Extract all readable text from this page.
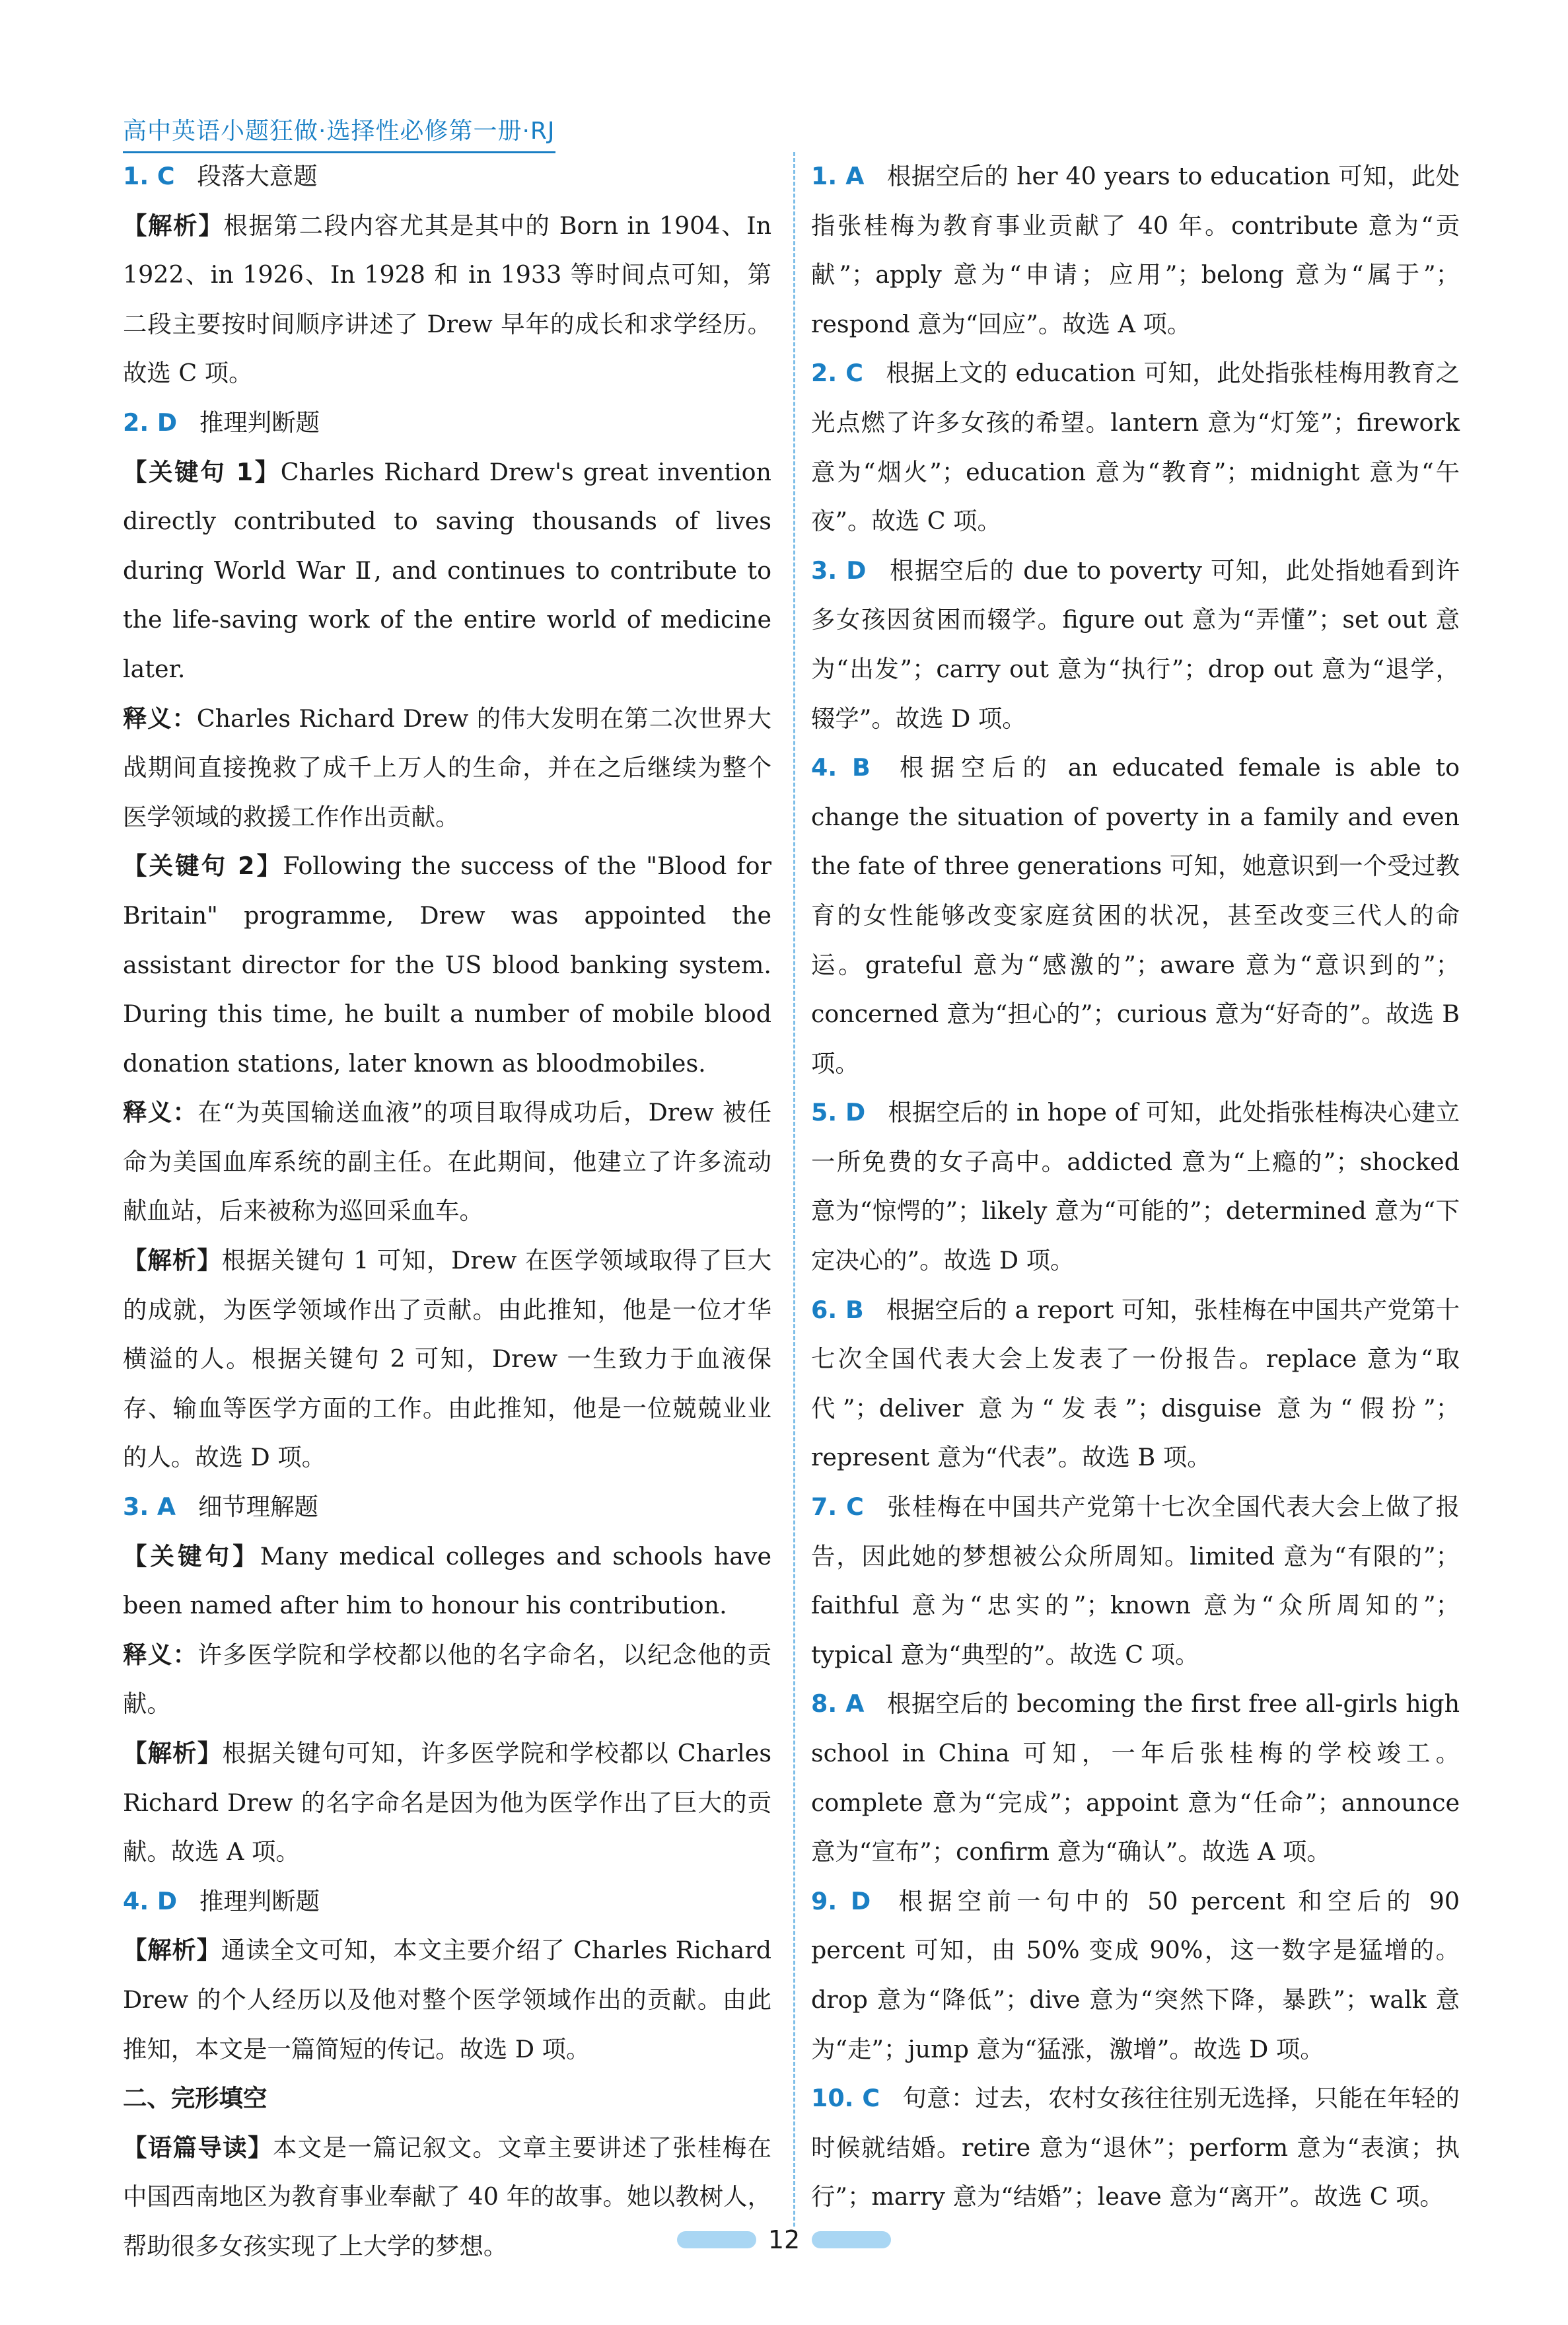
高中英语小题狂做·选择性必修第一册·RJ

1. C 段落大意题

【解析】根据第二段内容尤其是其中的 Born in 1904、In 1922、in 1926、In 1928 和 in 1933 等时间点可知，第二段主要按时间顺序讲述了 Drew 早年的成长和求学经历。故选 C 项。

2. D 推理判断题

【关键句 1】Charles Richard Drew's great invention directly contributed to saving thousands of lives during World War Ⅱ, and continues to contribute to the life-saving work of the entire world of medicine later.

释义：Charles Richard Drew 的伟大发明在第二次世界大战期间直接挽救了成千上万人的生命，并在之后继续为整个医学领域的救援工作作出贡献。

【关键句 2】Following the success of the "Blood for Britain" programme, Drew was appointed the assistant director for the US blood banking system. During this time, he built a number of mobile blood donation stations, later known as bloodmobiles.

释义：在“为英国输送血液”的项目取得成功后，Drew 被任命为美国血库系统的副主任。在此期间，他建立了许多流动献血站，后来被称为巡回采血车。

【解析】根据关键句 1 可知，Drew 在医学领域取得了巨大的成就，为医学领域作出了贡献。由此推知，他是一位才华横溢的人。根据关键句 2 可知，Drew 一生致力于血液保存、输血等医学方面的工作。由此推知，他是一位兢兢业业的人。故选 D 项。

3. A 细节理解题

【关键句】Many medical colleges and schools have been named after him to honour his contribution.

释义：许多医学院和学校都以他的名字命名，以纪念他的贡献。

【解析】根据关键句可知，许多医学院和学校都以 Charles Richard Drew 的名字命名是因为他为医学作出了巨大的贡献。故选 A 项。

4. D 推理判断题

【解析】通读全文可知，本文主要介绍了 Charles Richard Drew 的个人经历以及他对整个医学领域作出的贡献。由此推知，本文是一篇简短的传记。故选 D 项。

二、完形填空

【语篇导读】本文是一篇记叙文。文章主要讲述了张桂梅在中国西南地区为教育事业奉献了 40 年的故事。她以教树人，帮助很多女孩实现了上大学的梦想。

1. A 根据空后的 her 40 years to education 可知，此处指张桂梅为教育事业贡献了 40 年。contribute 意为“贡献”；apply 意为“申请；应用”；belong 意为“属于”；respond 意为“回应”。故选 A 项。

2. C 根据上文的 education 可知，此处指张桂梅用教育之光点燃了许多女孩的希望。lantern 意为“灯笼”；firework 意为“烟火”；education 意为“教育”；midnight 意为“午夜”。故选 C 项。

3. D 根据空后的 due to poverty 可知，此处指她看到许多女孩因贫困而辍学。figure out 意为“弄懂”；set out 意为“出发”；carry out 意为“执行”；drop out 意为“退学，辍学”。故选 D 项。

4. B 根据空后的 an educated female is able to change the situation of poverty in a family and even the fate of three generations 可知，她意识到一个受过教育的女性能够改变家庭贫困的状况，甚至改变三代人的命运。grateful 意为“感激的”；aware 意为“意识到的”；concerned 意为“担心的”；curious 意为“好奇的”。故选 B 项。

5. D 根据空后的 in hope of 可知，此处指张桂梅决心建立一所免费的女子高中。addicted 意为“上瘾的”；shocked 意为“惊愕的”；likely 意为“可能的”；determined 意为“下定决心的”。故选 D 项。

6. B 根据空后的 a report 可知，张桂梅在中国共产党第十七次全国代表大会上发表了一份报告。replace 意为“取代”；deliver 意为“发表”；disguise 意为“假扮”；represent 意为“代表”。故选 B 项。

7. C 张桂梅在中国共产党第十七次全国代表大会上做了报告，因此她的梦想被公众所周知。limited 意为“有限的”；faithful 意为“忠实的”；known 意为“众所周知的”；typical 意为“典型的”。故选 C 项。

8. A 根据空后的 becoming the first free all-girls high school in China 可知，一年后张桂梅的学校竣工。complete 意为“完成”；appoint 意为“任命”；announce 意为“宣布”；confirm 意为“确认”。故选 A 项。

9. D 根据空前一句中的 50 percent 和空后的 90 percent 可知，由 50% 变成 90%，这一数字是猛增的。drop 意为“降低”；dive 意为“突然下降，暴跌”；walk 意为“走”；jump 意为“猛涨，激增”。故选 D 项。

10. C 句意：过去，农村女孩往往别无选择，只能在年轻的时候就结婚。retire 意为“退休”；perform 意为“表演；执行”；marry 意为“结婚”；leave 意为“离开”。故选 C 项。

12
